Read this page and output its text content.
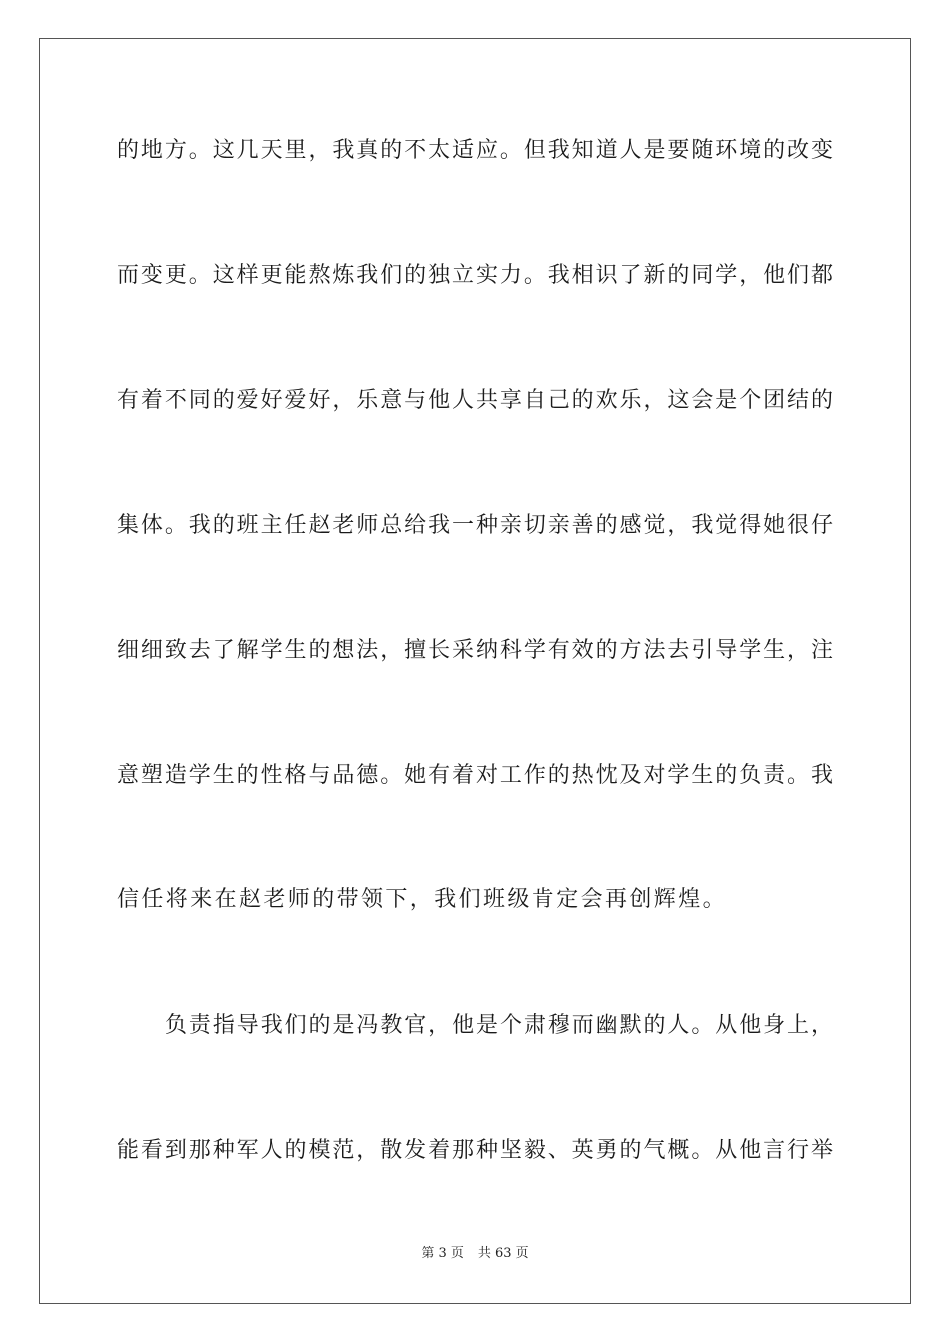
的地方。这几天里，我真的不太适应。但我知道人是要随环境的改变
而变更。这样更能熬炼我们的独立实力。我相识了新的同学，他们都
有着不同的爱好爱好，乐意与他人共享自己的欢乐，这会是个团结的
集体。我的班主任赵老师总给我一种亲切亲善的感觉，我觉得她很仔
细细致去了解学生的想法，擅长采纳科学有效的方法去引导学生，注
意塑造学生的性格与品德。她有着对工作的热忱及对学生的负责。我
信任将来在赵老师的带领下，我们班级肯定会再创辉煌。
负责指导我们的是冯教官，他是个肃穆而幽默的人。从他身上，
能看到那种军人的模范，散发着那种坚毅、英勇的气概。从他言行举
第 3 页 共 63 页
